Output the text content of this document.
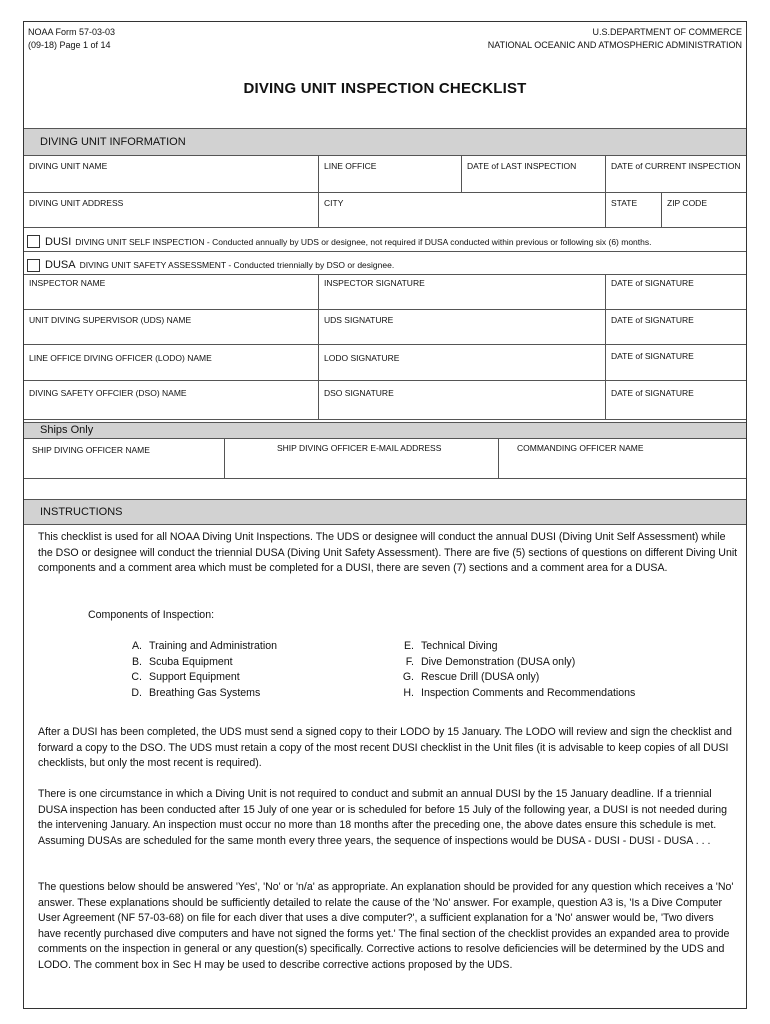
NOAA Form 57-03-03
(09-18) Page 1 of 14
U.S.DEPARTMENT OF COMMERCE
NATIONAL OCEANIC AND ATMOSPHERIC ADMINISTRATION
DIVING UNIT INSPECTION CHECKLIST
DIVING UNIT INFORMATION
DIVING UNIT NAME	LINE OFFICE	DATE of LAST INSPECTION	DATE of CURRENT INSPECTION
DIVING UNIT ADDRESS	CITY	STATE	ZIP CODE
DUSI DIVING UNIT SELF INSPECTION - Conducted annually by UDS or designee, not required if DUSA conducted within previous or following six (6) months.
DUSA DIVING UNIT SAFETY ASSESSMENT - Conducted triennially by DSO or designee.
INSPECTOR NAME	INSPECTOR SIGNATURE	DATE of SIGNATURE
UNIT DIVING SUPERVISOR (UDS) NAME	UDS SIGNATURE	DATE of SIGNATURE
LINE OFFICE DIVING OFFICER (LODO) NAME	LODO SIGNATURE	DATE of SIGNATURE
DIVING SAFETY OFFCIER (DSO) NAME	DSO SIGNATURE	DATE of SIGNATURE
Ships Only
SHIP DIVING OFFICER NAME	SHIP DIVING OFFICER E-MAIL ADDRESS	COMMANDING OFFICER NAME
INSTRUCTIONS
This checklist is used for all NOAA Diving Unit Inspections. The UDS or designee will conduct the annual DUSI (Diving Unit Self Assessment) while the DSO or designee will conduct the triennial DUSA (Diving Unit Safety Assessment). There are five (5) sections of questions on different Diving Unit components and a comment area which must be completed for a DUSI, there are seven (7) sections and a comment area for a DUSA.
Components of Inspection:
A. Training and Administration
B. Scuba Equipment
C. Support Equipment
D. Breathing Gas Systems
E. Technical Diving
F. Dive Demonstration (DUSA only)
G. Rescue Drill (DUSA only)
H. Inspection Comments and Recommendations
After a DUSI has been completed, the UDS must send a signed copy to their LODO by 15 January. The LODO will review and sign the checklist and forward a copy to the DSO. The UDS must retain a copy of the most recent DUSI checklist in the Unit files (it is advisable to keep copies of all DUSI checklists, but only the most recent is required).
There is one circumstance in which a Diving Unit is not required to conduct and submit an annual DUSI by the 15 January deadline. If a triennial DUSA inspection has been conducted after 15 July of one year or is scheduled for before 15 July of the following year, a DUSI is not needed during the intervening January. An inspection must occur no more than 18 months after the preceding one, the above dates ensure this schedule is met. Assuming DUSAs are scheduled for the same month every three years, the sequence of inspections would be DUSA - DUSI - DUSI - DUSA . . .
The questions below should be answered 'Yes', 'No' or 'n/a' as appropriate. An explanation should be provided for any question which receives a 'No' answer. These explanations should be sufficiently detailed to relate the cause of the 'No' answer. For example, question A3 is, 'Is a Dive Computer User Agreement (NF 57-03-68) on file for each diver that uses a dive computer?', a sufficient explanation for a 'No' answer would be, 'Two divers have recently purchased dive computers and have not signed the forms yet.' The final section of the checklist provides an expanded area to provide comments on the inspection in general or any question(s) specifically. Corrective actions to resolve deficiencies will be determined by the UDS and LODO. The comment box in Sec H may be used to describe corrective actions proposed by the UDS.
